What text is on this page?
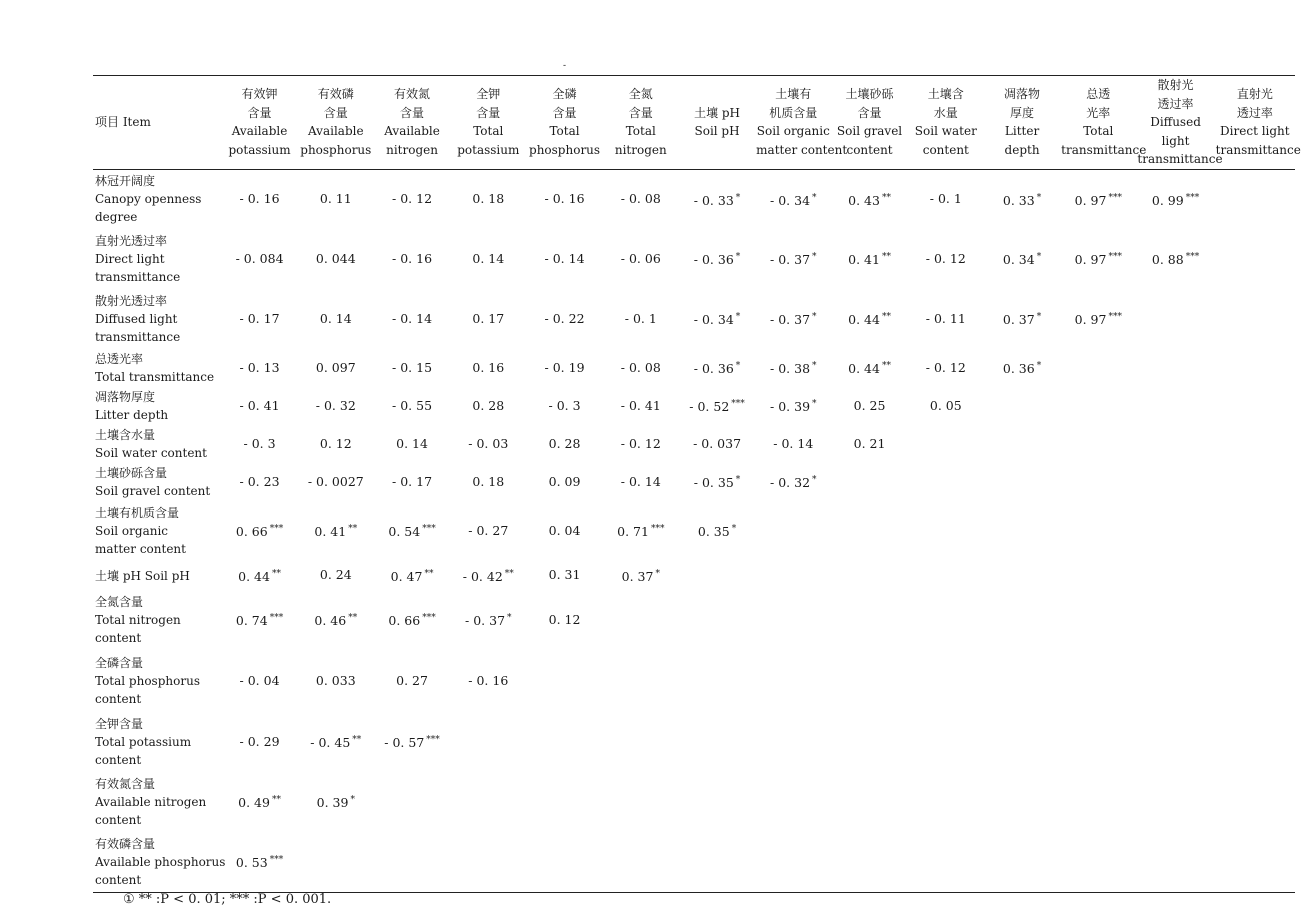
-
项目 Item	有效钾
含量
Available
potassium	有效磷
含量
Available
phosphorus	有效氮
含量
Available
nitrogen	全钾
含量
Total
potassium	全磷
含量
Total
phosphorus	全氮
含量
Total
nitrogen	土壤 pH
Soil pH	土壤有
机质含量
Soil organic
matter content	土壤砂砾
含量
Soil gravel
content	土壤含
水量
Soil water
content	凋落物
厚度
Litter
depth	总透
光率
Total
transmittance	散射光
透过率
Diffused
light
transmittance	直射光
透过率
Direct light
transmittance

林冠开阔度
Canopy openness
degree	- 0. 16	0. 11	- 0. 12	0. 18	- 0. 16	- 0. 08	- 0. 33 *	- 0. 34 *	0. 43 **	- 0. 1	0. 33 *	0. 97 ***	0. 99 ***	

直射光透过率
Direct light
transmittance	- 0. 084	0. 044	- 0. 16	0. 14	- 0. 14	- 0. 06	- 0. 36 *	- 0. 37 *	0. 41 **	- 0. 12	0. 34 *	0. 97 ***	0. 88 ***	

散射光透过率
Diffused light
transmittance	- 0. 17	0. 14	- 0. 14	0. 17	- 0. 22	- 0. 1	- 0. 34 *	- 0. 37 *	0. 44 **	- 0. 11	0. 37 *	0. 97 ***		

总透光率
Total transmittance	- 0. 13	0. 097	- 0. 15	0. 16	- 0. 19	- 0. 08	- 0. 36 *	- 0. 38 *	0. 44 **	- 0. 12	0. 36 *			

凋落物厚度
Litter depth	- 0. 41	- 0. 32	- 0. 55	0. 28	- 0. 3	- 0. 41	- 0. 52 ***	- 0. 39 *	0. 25	0. 05				

土壤含水量
Soil water content	- 0. 3	0. 12	0. 14	- 0. 03	0. 28	- 0. 12	- 0. 037	- 0. 14	0. 21					

土壤砂砾含量
Soil gravel content	- 0. 23	- 0. 0027	- 0. 17	0. 18	0. 09	- 0. 14	- 0. 35 *	- 0. 32 *						

土壤有机质含量
Soil organic
matter content	0. 66 ***	0. 41 **	0. 54 ***	- 0. 27	0. 04	0. 71 ***	0. 35 *							

土壤 pH Soil pH	0. 44 **	0. 24	0. 47 **	- 0. 42 **	0. 31	0. 37 *								

全氮含量
Total nitrogen
content	0. 74 ***	0. 46 **	0. 66 ***	- 0. 37 *	0. 12									

全磷含量
Total phosphorus
content	- 0. 04	0. 033	0. 27	- 0. 16										

全钾含量
Total potassium
content	- 0. 29	- 0. 45 **	- 0. 57 ***											

有效氮含量
Available nitrogen
content	0. 49 **	0. 39 *												

有效磷含量
Available phosphorus
content	0. 53 ***													
① ** :P < 0. 01; *** :P < 0. 001.
